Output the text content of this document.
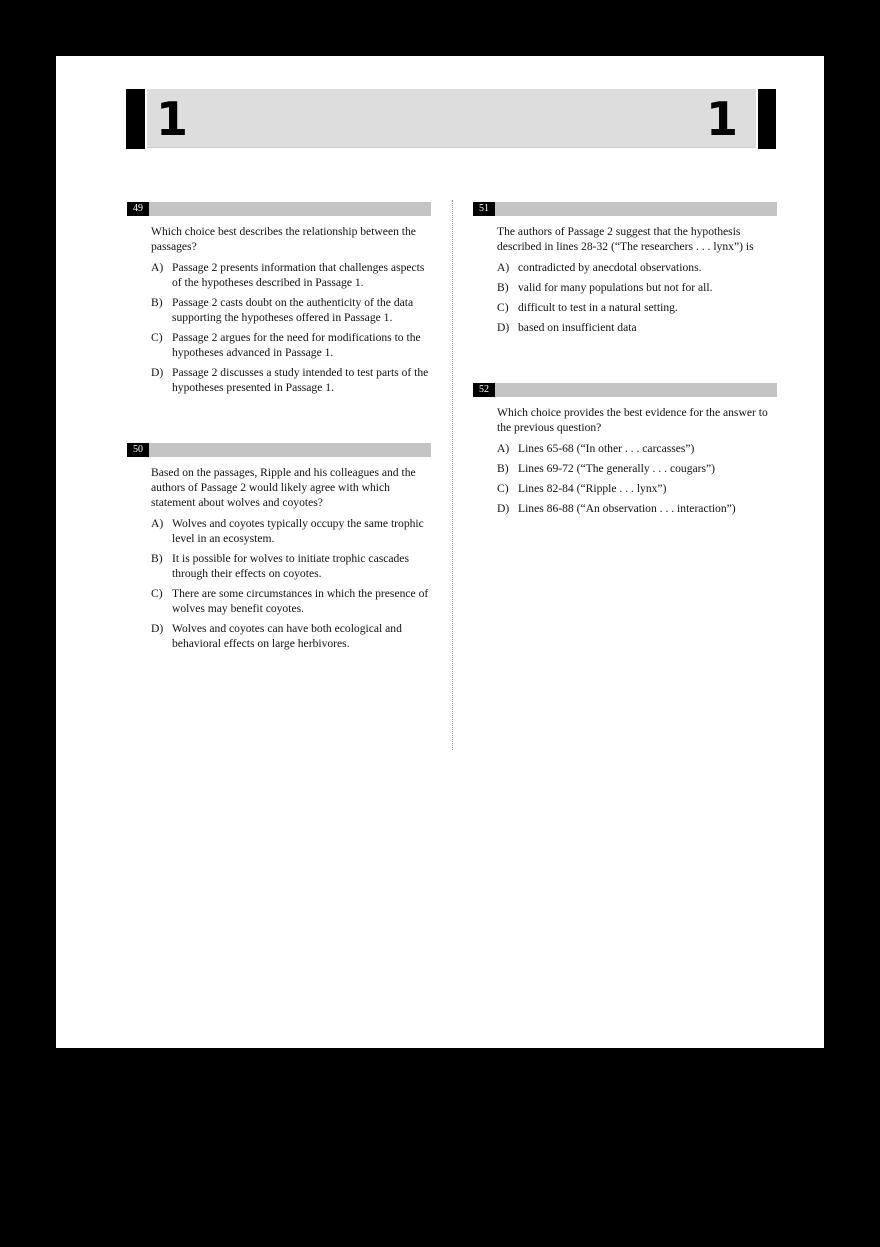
1	1
49
Which choice best describes the relationship between the passages?
A) Passage 2 presents information that challenges aspects of the hypotheses described in Passage 1.
B) Passage 2 casts doubt on the authenticity of the data supporting the hypotheses offered in Passage 1.
C) Passage 2 argues for the need for modifications to the hypotheses advanced in Passage 1.
D) Passage 2 discusses a study intended to test parts of the hypotheses presented in Passage 1.
50
Based on the passages, Ripple and his colleagues and the authors of Passage 2 would likely agree with which statement about wolves and coyotes?
A) Wolves and coyotes typically occupy the same trophic level in an ecosystem.
B) It is possible for wolves to initiate trophic cascades through their effects on coyotes.
C) There are some circumstances in which the presence of wolves may benefit coyotes.
D) Wolves and coyotes can have both ecological and behavioral effects on large herbivores.
51
The authors of Passage 2 suggest that the hypothesis described in lines 28-32 (“The researchers . . . lynx”) is
A) contradicted by anecdotal observations.
B) valid for many populations but not for all.
C) difficult to test in a natural setting.
D) based on insufficient data
52
Which choice provides the best evidence for the answer to the previous question?
A) Lines 65-68 (“In other . . . carcasses”)
B) Lines 69-72 (“The generally . . . cougars”)
C) Lines 82-84 (“Ripple . . . lynx”)
D) Lines 86-88 (“An observation . . . interaction”)
